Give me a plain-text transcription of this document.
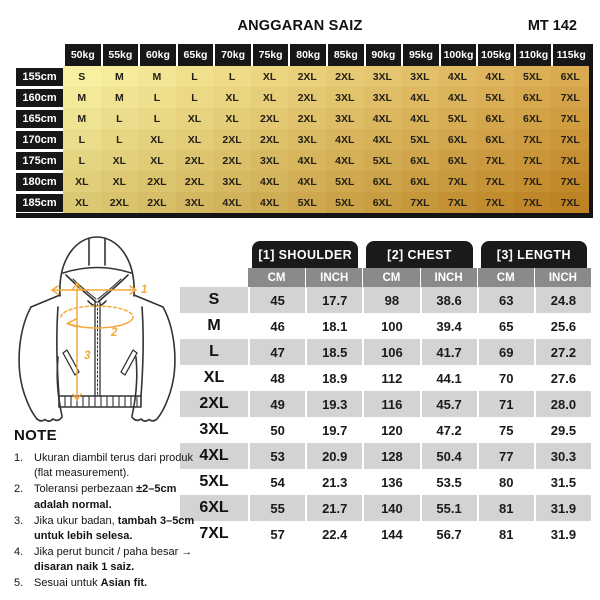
ANGGARAN SAIZ	MT 142
50kg	55kg	60kg	65kg	70kg	75kg	80kg	85kg	90kg	95kg	100kg 105kg 110kg 115kg
155cm	S	M	M	L	L	XL	2XL	2XL	3XL	3XL	4XL	4XL	5XL	6XL
160cm	M	M	L	L	XL	XL	2XL	3XL	3XL	4XL	4XL	5XL	6XL	7XL
165cm	M	L	L	XL	XL	2XL	2XL	3XL	4XL	4XL	5XL	6XL	6XL	7XL
170cm	L	L	XL	XL	2XL	2XL	3XL	4XL	4XL	5XL	6XL	6XL	7XL	7XL
175cm	L	XL	XL	2XL	2XL	3XL	4XL	4XL	5XL	6XL	6XL	7XL	7XL	7XL
180cm	XL	XL	2XL	2XL	3XL	4XL	4XL	5XL	6XL	6XL	7XL	7XL	7XL	7XL
185cm	XL	2XL	2XL	3XL	4XL	4XL	5XL	5XL	6XL	7XL	7XL	7XL	7XL	7XL
1
2
3
[1] SHOULDER	[2] CHEST	[3] LENGTH
CM	INCH	CM	INCH	CM	INCH
S	45	17.7	98	38.6	63	24.8
M	46	18.1	100	39.4	65	25.6
L	47	18.5	106	41.7	69	27.2
XL	48	18.9	112	44.1	70	27.6
2XL	49	19.3	116	45.7	71	28.0
3XL	50	19.7	120	47.2	75	29.5
4XL	53	20.9	128	50.4	77	30.3
5XL	54	21.3	136	53.5	80	31.5
6XL	55	21.7	140	55.1	81	31.9
7XL	57	22.4	144	56.7	81	31.9
NOTE
1. Ukuran diambil terus dari produk (flat measurement).
2. Toleransi perbezaan ±2–5cm adalah normal.
3. Jika ukur badan, tambah 3–5cm untuk lebih selesa.
4. Jika perut buncit / paha besar → disaran naik 1 saiz.
5. Sesuai untuk Asian fit.
